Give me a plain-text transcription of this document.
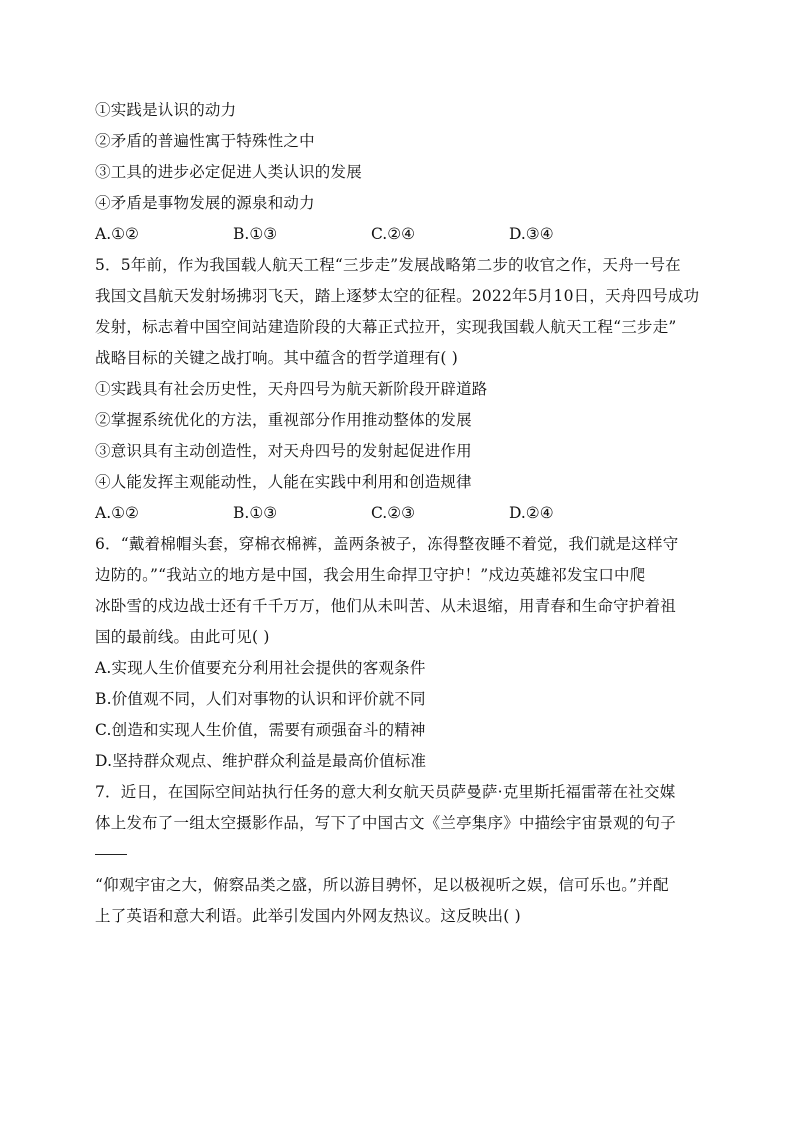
①实践是认识的动力
②矛盾的普遍性寓于特殊性之中
③工具的进步必定促进人类认识的发展
④矛盾是事物发展的源泉和动力
A.①②	B.①③	C.②④	D.③④
5．5年前，作为我国载人航天工程“三步走”发展战略第二步的收官之作，天舟一号在
我国文昌航天发射场拂羽飞天，踏上逐梦太空的征程。2022年5月10日，天舟四号成功
发射，标志着中国空间站建造阶段的大幕正式拉开，实现我国载人航天工程“三步走”
战略目标的关键之战打响。其中蕴含的哲学道理有( )
①实践具有社会历史性，天舟四号为航天新阶段开辟道路
②掌握系统优化的方法，重视部分作用推动整体的发展
③意识具有主动创造性，对天舟四号的发射起促进作用
④人能发挥主观能动性，人能在实践中利用和创造规律
A.①②	B.①③	C.②③	D.②④
6．“戴着棉帽头套，穿棉衣棉裤，盖两条被子，冻得整夜睡不着觉，我们就是这样守
边防的。”“我站立的地方是中国，我会用生命捍卫守护！”戍边英雄祁发宝口中爬
冰卧雪的戍边战士还有千千万万，他们从未叫苦、从未退缩，用青春和生命守护着祖
国的最前线。由此可见( )
A.实现人生价值要充分利用社会提供的客观条件
B.价值观不同，人们对事物的认识和评价就不同
C.创造和实现人生价值，需要有顽强奋斗的精神
D.坚持群众观点、维护群众利益是最高价值标准
7．近日，在国际空间站执行任务的意大利女航天员萨曼萨·克里斯托福雷蒂在社交媒
体上发布了一组太空摄影作品，写下了中国古文《兰亭集序》中描绘宇宙景观的句子
“仰观宇宙之大，俯察品类之盛，所以游目骋怀，足以极视听之娱，信可乐也。”并配
上了英语和意大利语。此举引发国内外网友热议。这反映出( )
